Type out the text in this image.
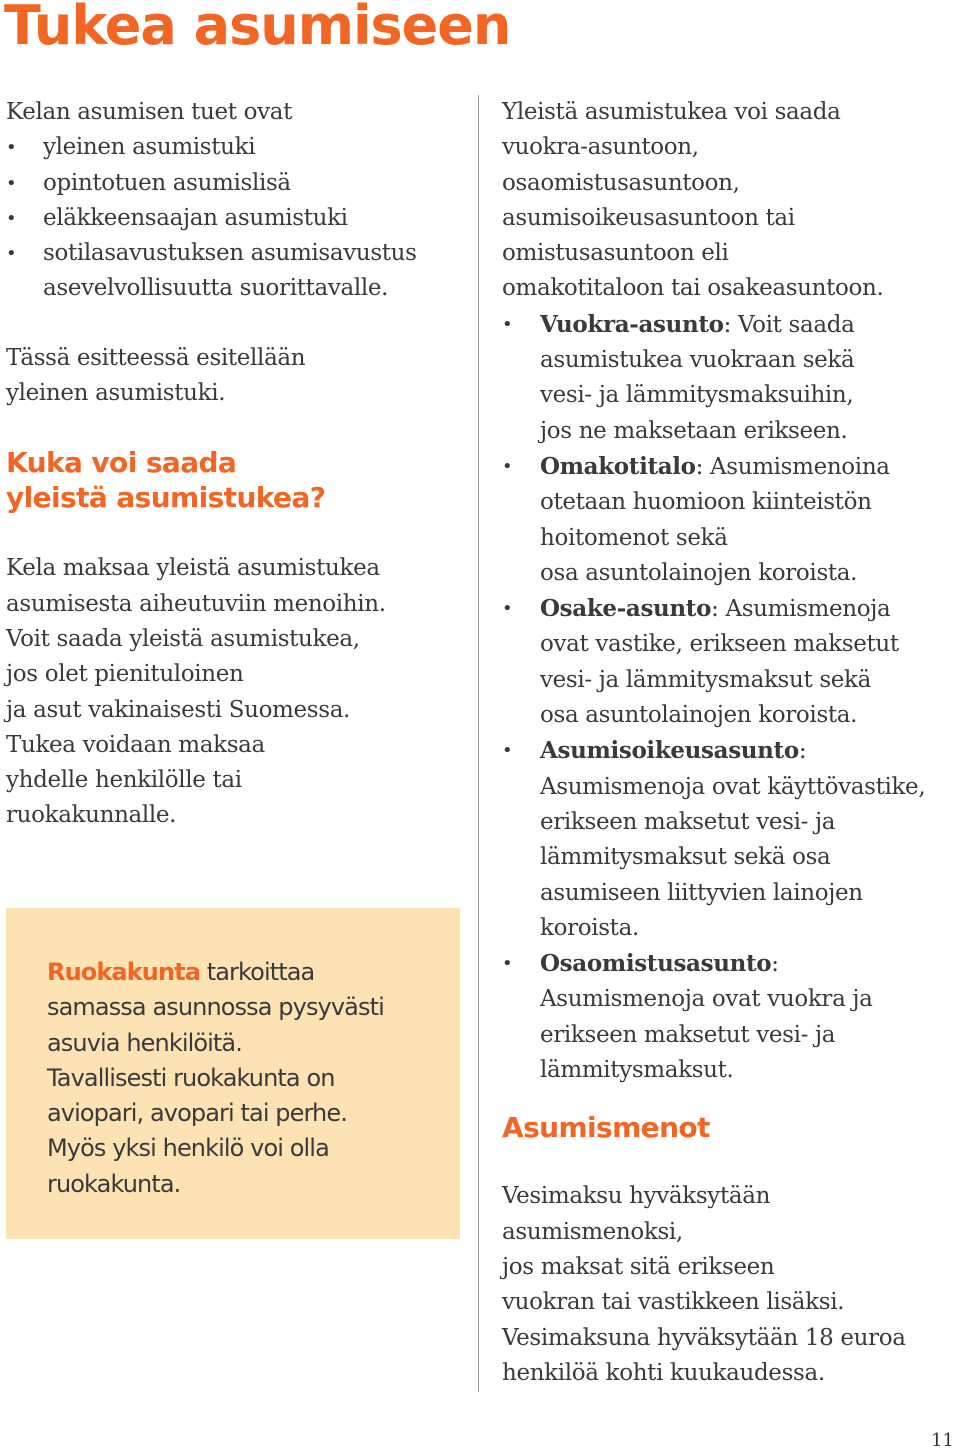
Tukea asumiseen

Kelan asumisen tuet ovat

• yleinen asumistuki
• opintotuen asumislisä
• eläkkeensaajan asumistuki
• sotilasavustuksen asumisavustus

asevelvollisuutta suorittavalle.

Tässä esitteessä esitellään
yleinen asumistuki.
Kuka voi saada
yleistä asumistukea?
Kela maksaa yleistä asumistukea
asumisesta aiheutuviin menoihin.
Voit saada yleistä asumistukea,
jos olet pienituloinen
ja asut vakinaisesti Suomessa.
Tukea voidaan maksaa
yhdelle henkilölle tai
ruokakunnalle.
Ruokakunta tarkoittaa
samassa asunnossa pysyvästi
asuvia henkilöitä.
Tavallisesti ruokakunta on
aviopari, avopari tai perhe.
Myös yksi henkilö voi olla
ruokakunta.
Yleistä asumistukea voi saada
vuokra-asuntoon,
osaomistusasuntoon,
asumisoikeusasuntoon tai
omistusasuntoon eli
omakotitaloon tai osakeasuntoon.
• Vuokra-asunto: Voit saada
asumistukea vuokraan sekä
vesi- ja lämmitysmaksuihin,
jos ne maksetaan erikseen.
• Omakotitalo: Asumismenoina
otetaan huomioon kiinteistön
hoitomenot sekä
osa asuntolainojen koroista.
• Osake-asunto: Asumismenoja
ovat vastike, erikseen maksetut
vesi- ja lämmitysmaksut sekä
osa asuntolainojen koroista.
• Asumisoikeusasunto:
Asumismenoja ovat käyttövastike,
erikseen maksetut vesi- ja
lämmitysmaksut sekä osa
asumiseen liittyvien lainojen
koroista.
• Osaomistusasunto:
Asumismenoja ovat vuokra ja
erikseen maksetut vesi- ja
lämmitysmaksut.
Asumismenot
Vesimaksu hyväksytään
asumismenoksi,
jos maksat sitä erikseen
vuokran tai vastikkeen lisäksi.
Vesimaksuna hyväksytään 18 euroa
henkilöä kohti kuukaudessa.
11
